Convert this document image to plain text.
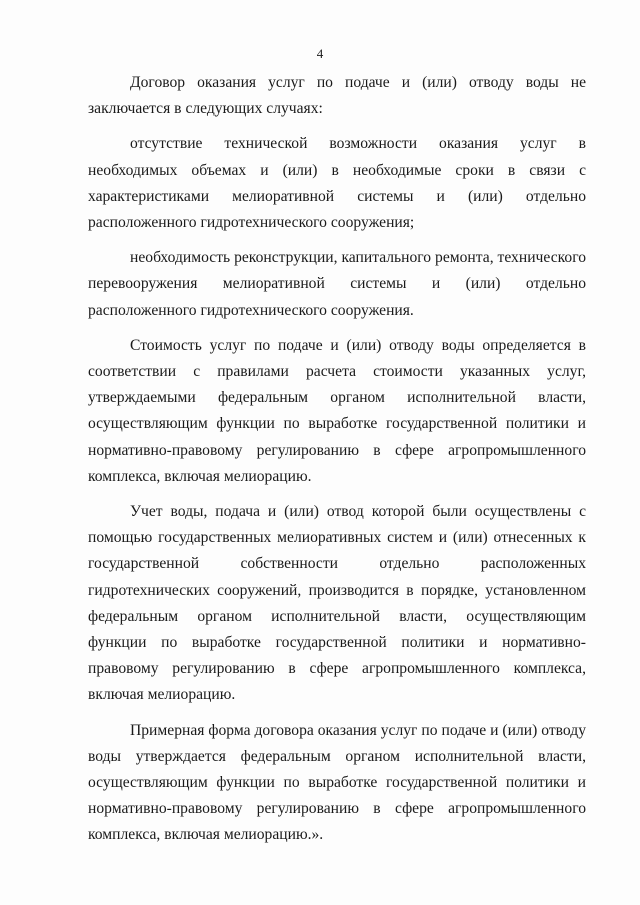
4

Договор оказания услуг по подаче и (или) отводу воды не заключается в следующих случаях:

отсутствие технической возможности оказания услуг в необходимых объемах и (или) в необходимые сроки в связи с характеристиками мелиоративной системы и (или) отдельно расположенного гидротехнического сооружения;

необходимость реконструкции, капитального ремонта, технического перевооружения мелиоративной системы и (или) отдельно расположенного гидротехнического сооружения.

Стоимость услуг по подаче и (или) отводу воды определяется в соответствии с правилами расчета стоимости указанных услуг, утверждаемыми федеральным органом исполнительной власти, осуществляющим функции по выработке государственной политики и нормативно-правовому регулированию в сфере агропромышленного комплекса, включая мелиорацию.

Учет воды, подача и (или) отвод которой были осуществлены с помощью государственных мелиоративных систем и (или) отнесенных к государственной собственности отдельно расположенных гидротехнических сооружений, производится в порядке, установленном федеральным органом исполнительной власти, осуществляющим функции по выработке государственной политики и нормативно-правовому регулированию в сфере агропромышленного комплекса, включая мелиорацию.

Примерная форма договора оказания услуг по подаче и (или) отводу воды утверждается федеральным органом исполнительной власти, осуществляющим функции по выработке государственной политики и нормативно-правовому регулированию в сфере агропромышленного комплекса, включая мелиорацию.».
